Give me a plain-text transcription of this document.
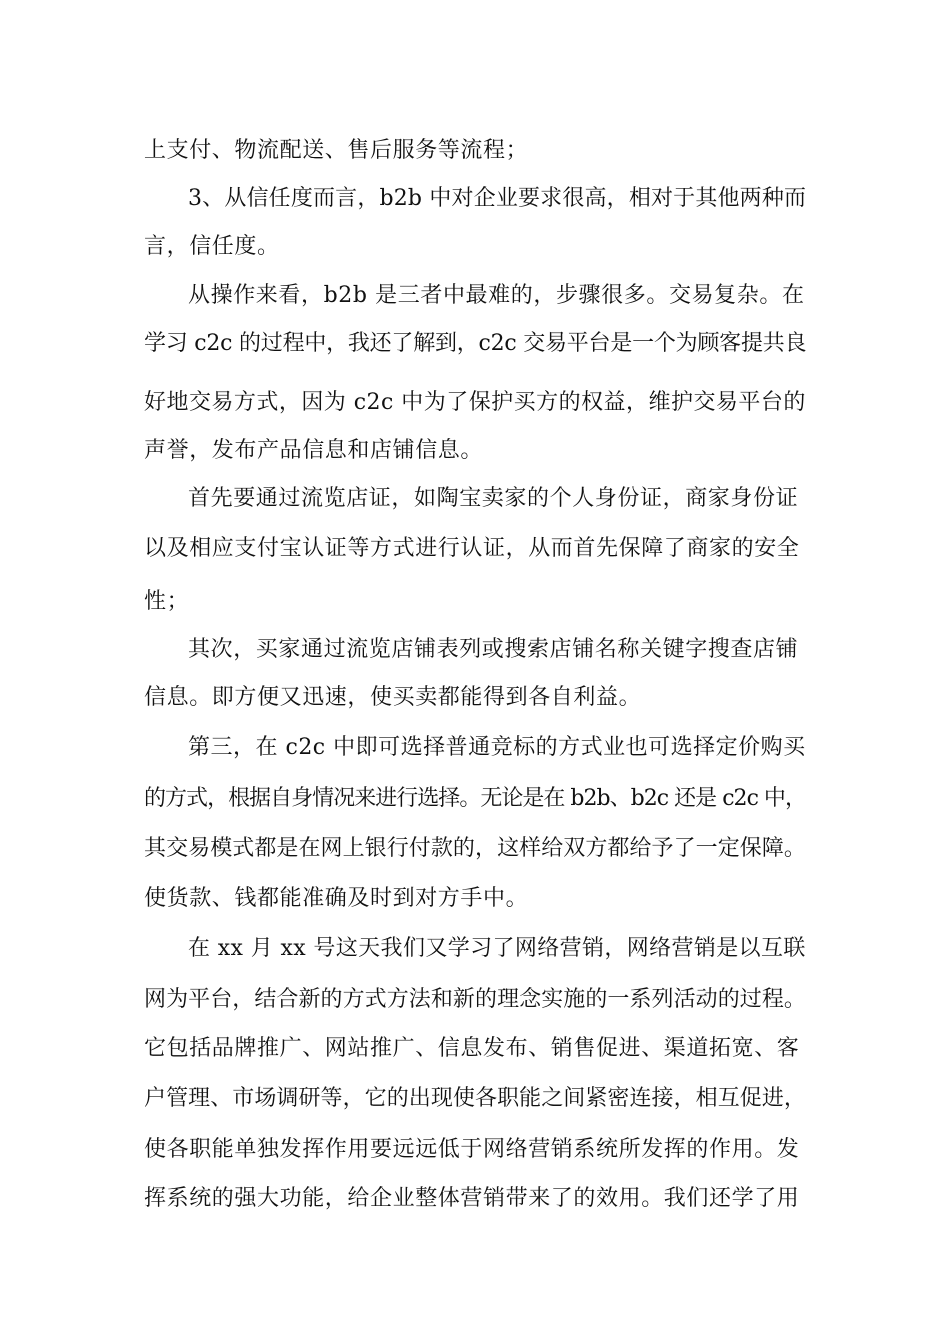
上支付、物流配送、售后服务等流程；
3、从信任度而言，b2b 中对企业要求很高，相对于其他两种而
言，信任度。
从操作来看，b2b 是三者中最难的，步骤很多。交易复杂。在
学习 c2c 的过程中，我还了解到，c2c 交易平台是一个为顾客提共良
好地交易方式，因为 c2c 中为了保护买方的权益，维护交易平台的
声誉，发布产品信息和店铺信息。
首先要通过流览店证，如陶宝卖家的个人身份证，商家身份证
以及相应支付宝认证等方式进行认证，从而首先保障了商家的安全
性；
其次，买家通过流览店铺表列或搜索店铺名称关键字搜查店铺
信息。即方便又迅速，使买卖都能得到各自利益。
第三，在 c2c 中即可选择普通竞标的方式业也可选择定价购买
的方式，根据自身情况来进行选择。无论是在 b2b、b2c 还是 c2c 中，
其交易模式都是在网上银行付款的，这样给双方都给予了一定保障。
使货款、钱都能准确及时到对方手中。
在 xx 月 xx 号这天我们又学习了网络营销，网络营销是以互联
网为平台，结合新的方式方法和新的理念实施的一系列活动的过程。
它包括品牌推广、网站推广、信息发布、销售促进、渠道拓宽、客
户管理、市场调研等，它的出现使各职能之间紧密连接，相互促进，
使各职能单独发挥作用要远远低于网络营销系统所发挥的作用。发
挥系统的强大功能，给企业整体营销带来了的效用。我们还学了用
